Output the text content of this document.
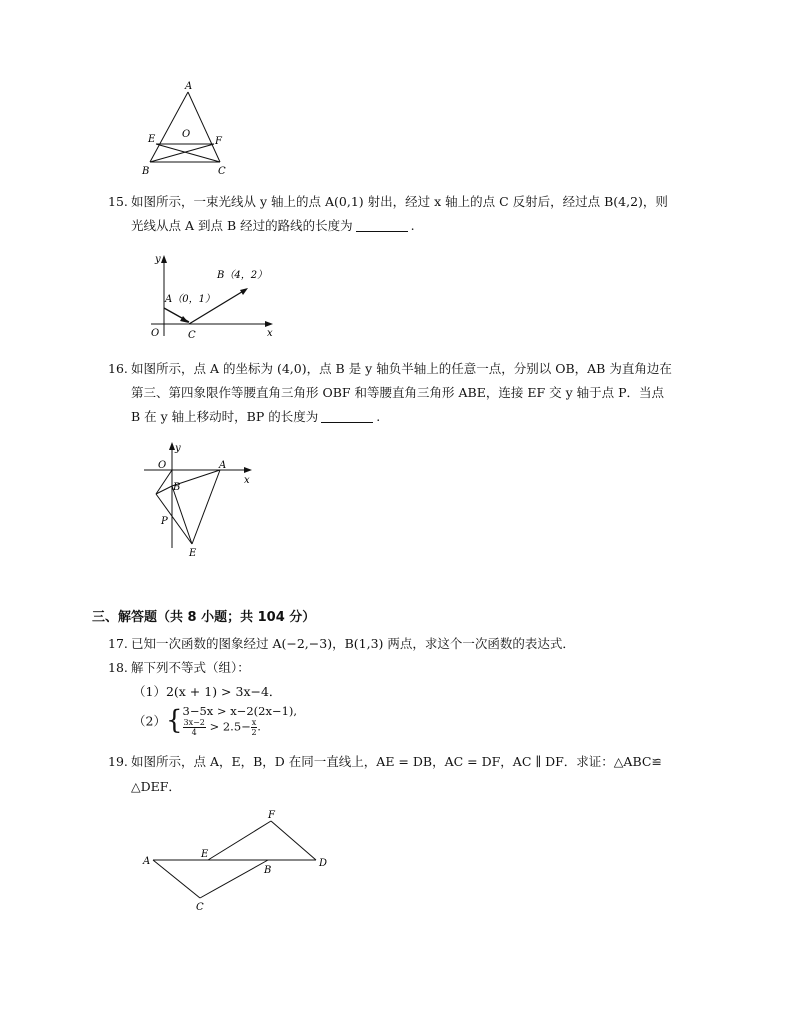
A
E	O
F
B	C
15. 如图所示，一束光线从 y 轴上的点 A(0,1) 射出，经过 x 轴上的点 C 反射后，经过点 B(4,2)，则
光线从点 A 到点 B 经过的路线的长度为	.
y
x
O	C
A（0，1）
B（4，2）
16. 如图所示，点 A 的坐标为 (4,0)，点 B 是 y 轴负半轴上的任意一点，分别以 OB，AB 为直角边在
第三、第四象限作等腰直角三角形 OBF 和等腰直角三角形 ABE，连接 EF 交 y 轴于点 P．当点
B 在 y 轴上移动时，BP 的长度为	.
y
x
O	A
B
P
E
三、解答题（共 8 小题；共 104 分）
17. 已知一次函数的图象经过 A(−2,−3)，B(1,3) 两点，求这个一次函数的表达式．
18. 解下列不等式（组）：
（1）2(x + 1) > 3x−4．
（2）{ 3−5x > x−2(2x−1),
$\frac{3x-2}{4} > 2.5- \frac{x}{2}$ .
19. 如图所示，点 A，E，B，D 在同一直线上，AE = DB，AC = DF，AC ∥ DF．求证：△ABC≌
△DEF．
A
E
B
D
F
C
